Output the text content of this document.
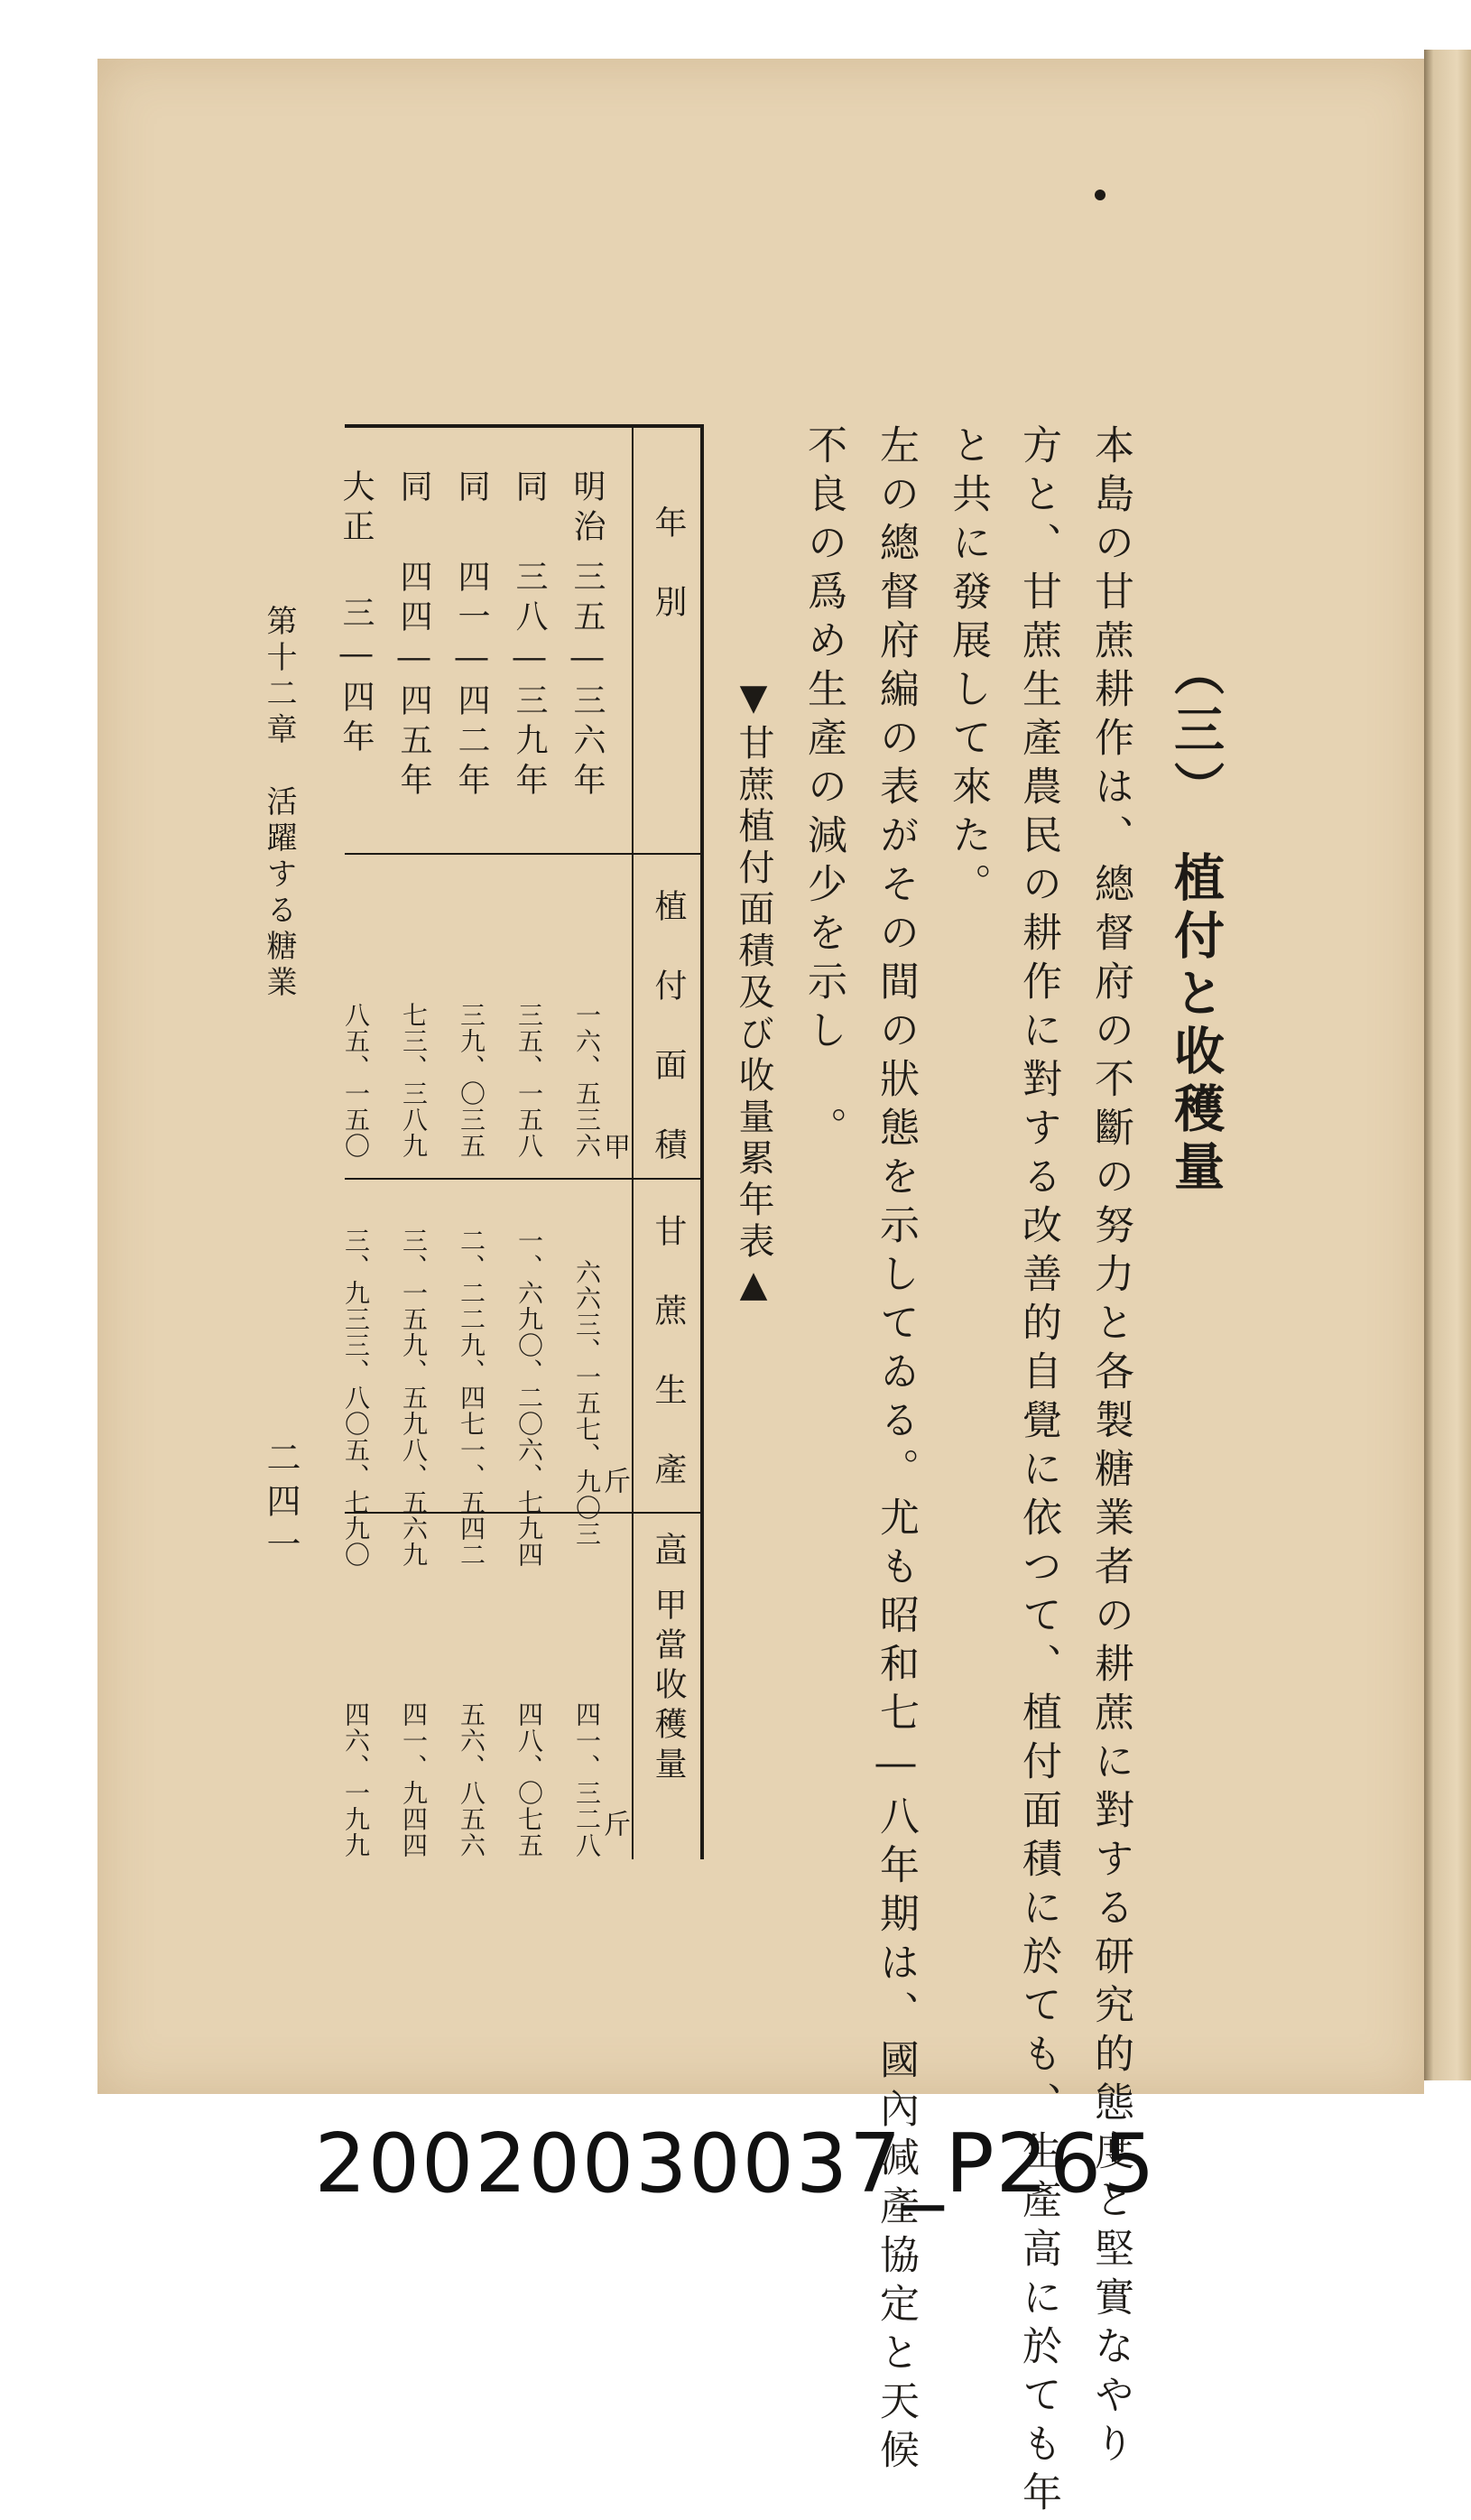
（三）　植付と收穫量
本島の甘蔗耕作は、總督府の不斷の努力と各製糖業者の耕蔗に對する研究的態度と堅實なやり
方と、甘蔗生產農民の耕作に對する改善的自覺に依つて、植付面積に於ても、生產高に於ても年
と共に發展して來た。
左の總督府編の表がその間の狀態を示してゐる。尤も昭和七―八年期は、國內減產協定と天候
不良の爲め生產の減少を示し　。
▼甘蔗植付面積及び收量累年表▲
年　別
植　付　面　積
甘　蔗　生　產　高
一甲當收穫量
甲
斤
斤
明治
三五―三六年
一六、五三六
六六三、一五七、九〇三
四一、三二八
同
三八―三九年
三五、一五八
一、六九〇、二〇六、七九四
四八、〇七五
同
四一―四二年
三九、〇三五
二、二二九、四七一、五四二
五六、八五六
同
四四―四五年
七三、三八九
三、一五九、五九八、五六九
四一、九四四
大正
三―四年
八五、一五〇
三、九三三、八〇五、七九〇
四六、一九九
第十二章　活躍する糖業
二四一
20020030037_P265
